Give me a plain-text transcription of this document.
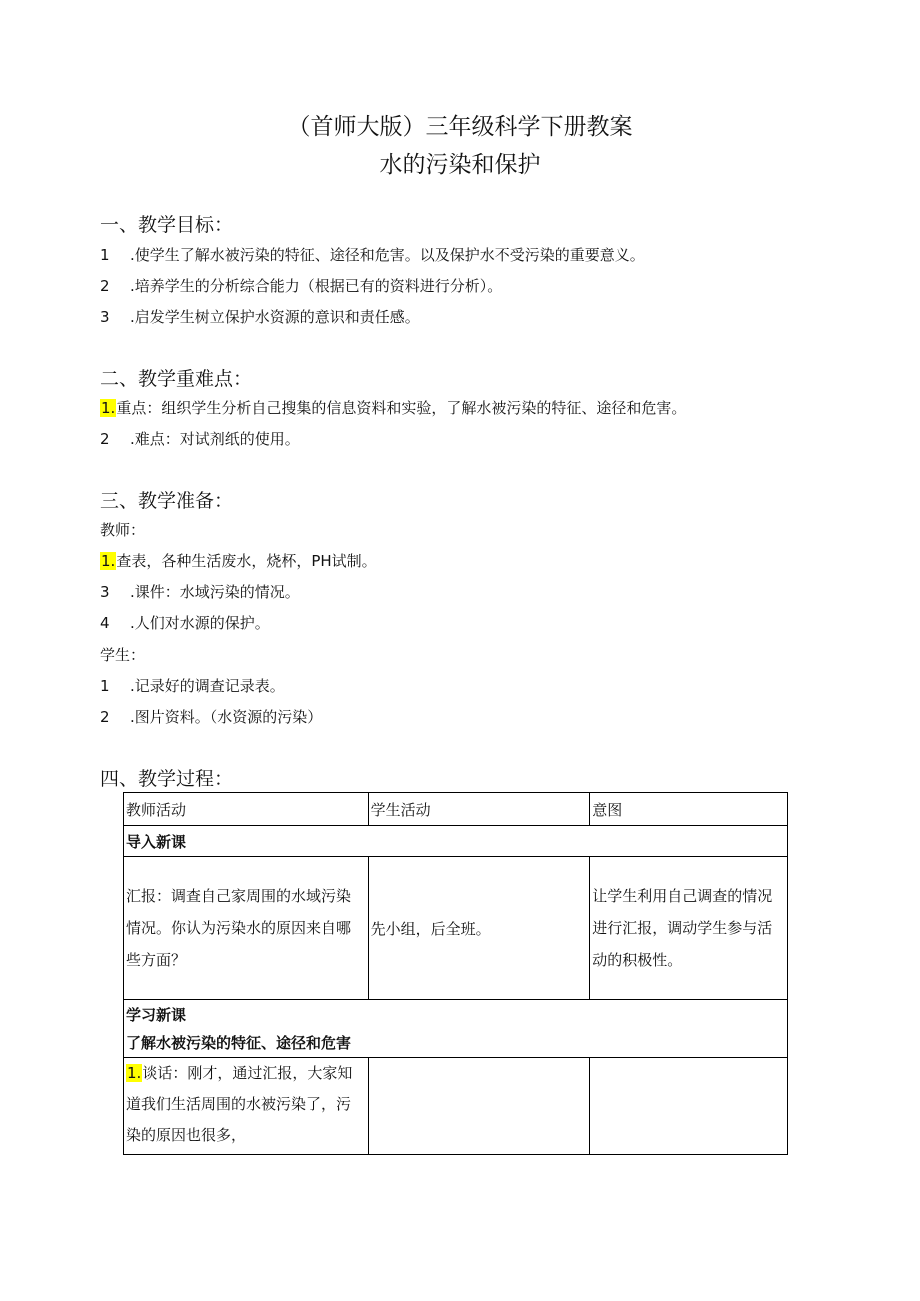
（首师大版）三年级科学下册教案
水的污染和保护
一、教学目标：
1 .使学生了解水被污染的特征、途径和危害。以及保护水不受污染的重要意义。
2 .培养学生的分析综合能力（根据已有的资料进行分析）。
3 .启发学生树立保护水资源的意识和责任感。
二、教学重难点：
1.重点：组织学生分析自己搜集的信息资料和实验，了解水被污染的特征、途径和危害。
2 .难点：对试剂纸的使用。
三、教学准备：
教师：
1.查表，各种生活废水，烧杯，PH试制。
3 .课件：水域污染的情况。
4 .人们对水源的保护。
学生：
1 .记录好的调查记录表。
2 .图片资料。（水资源的污染）
四、教学过程：
教师活动	学生活动	意图
导入新课		
汇报：调查自己家周围的水域污染情况。你认为污染水的原因来自哪些方面？	先小组，后全班。	让学生利用自己调查的情况进行汇报，调动学生参与活动的积极性。

学习新课
了解水被污染的特征、途径和危害		

1.谈话：刚才，通过汇报，大家知道我们生活周围的水被污染了，污染的原因也很多，		
